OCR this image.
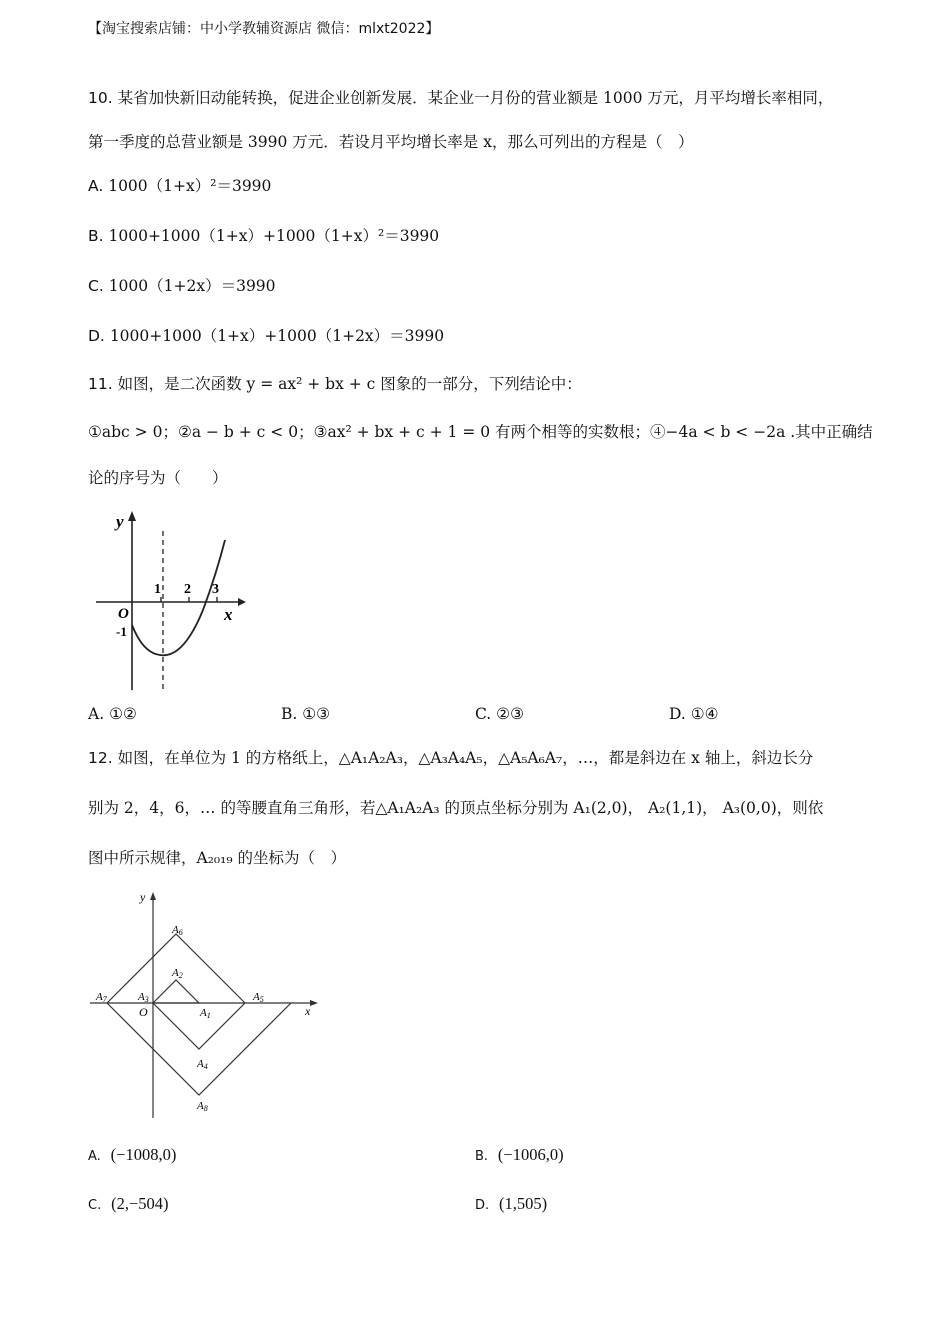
【淘宝搜索店铺：中小学教辅资源店 微信：mlxt2022】
10. 某省加快新旧动能转换，促进企业创新发展．某企业一月份的营业额是 1000 万元，月平均增长率相同，
第一季度的总营业额是 3990 万元．若设月平均增长率是 x，那么可列出的方程是（　）
A. 1000（1+x）²＝3990
B. 1000+1000（1+x）+1000（1+x）²＝3990
C. 1000（1+2x）＝3990
D. 1000+1000（1+x）+1000（1+2x）＝3990
11. 如图，是二次函数 y = ax² + bx + c 图象的一部分，下列结论中：
①abc > 0；②a − b + c < 0；③ax² + bx + c + 1 = 0 有两个相等的实数根；④−4a < b < −2a .其中正确结
论的序号为（　　）
y
x
O
1 2 3
-1
A. ①②	B. ①③	C. ②③	D. ①④
12. 如图，在单位为 1 的方格纸上，△A₁A₂A₃，△A₃A₄A₅，△A₅A₆A₇，…，都是斜边在 x 轴上，斜边长分
别为 2，4，6，… 的等腰直角三角形，若△A₁A₂A₃ 的顶点坐标分别为 A₁(2,0)， A₂(1,1)， A₃(0,0)，则依
图中所示规律，A₂₀₁₉ 的坐标为（　）
y
x
O
A6
A2
A7	A3	A5
A1
A4
A8
A. (−1008,0)	B. (−1006,0)
C. (2,−504)	D. (1,505)
